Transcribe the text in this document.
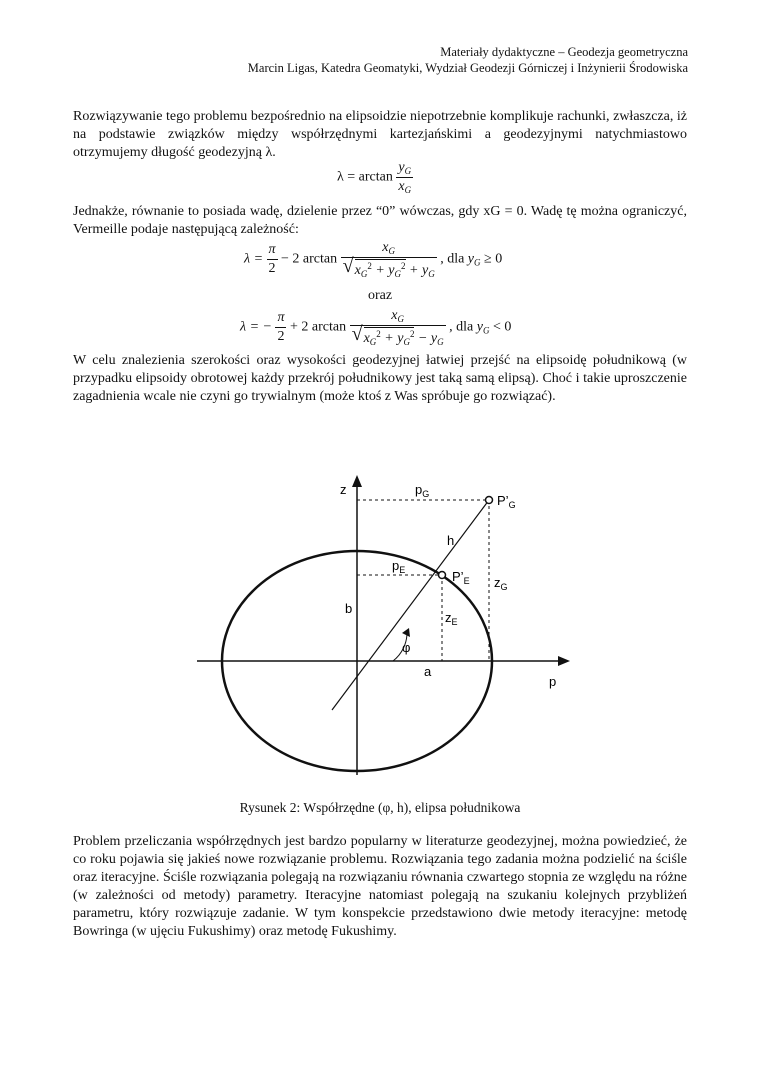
Materiały dydaktyczne – Geodezja geometryczna
Marcin Ligas, Katedra Geomatyki, Wydział Geodezji Górniczej i Inżynierii Środowiska

Rozwiązywanie tego problemu bezpośrednio na elipsoidzie niepotrzebnie komplikuje rachunki, zwłaszcza, iż na podstawie związków między współrzędnymi kartezjańskimi a geodezyjnymi natychmiastowo otrzymujemy długość geodezyjną λ.

$\lambda = \arctan \frac{y_G}{x_G}$

Jednakże, równanie to posiada wadę, dzielenie przez “0” wówczas, gdy xG = 0. Wadę tę można ograniczyć, Vermeille podaje następującą zależność:

$\lambda = \frac{\pi}{2} - 2$ $\arctan \frac{x_G}{√ x_G^2 + y_G^2 + y_G}$ , dla $y_G \ge 0$
oraz
λ = − $\frac{\pi}{2} + 2$ $\arctan \frac{x_G}{√ x_G^2 + y_G^2 - y_G}$ , dla $y_G < 0$

W celu znalezienia szerokości oraz wysokości geodezyjnej łatwiej przejść na elipsoidę południkową (w przypadku elipsoidy obrotowej każdy przekrój południkowy jest taką samą elipsą). Choć i takie uproszczenie zagadnienia wcale nie czyni go trywialnym (może ktoś z Was spróbuje go rozwiązać).

z
p
$p_G$	$P’_G$
h
$p_E$	$P’_E$ $z_G$
b
$z_E$
φ
a
Rysunek 2: Współrzędne (φ, h), elipsa południkowa

Problem przeliczania współrzędnych jest bardzo popularny w literaturze geodezyjnej, można powiedzieć, że co roku pojawia się jakieś nowe rozwiązanie problemu. Rozwiązania tego zadania można podzielić na ściśle oraz iteracyjne. Ściśle rozwiązania polegają na rozwiązaniu równania czwartego stopnia ze względu na różne (w zależności od metody) parametry. Iteracyjne natomiast polegają na szukaniu kolejnych przybliżeń parametru, który rozwiązuje zadanie. W tym konspekcie przedstawiono dwie metody iteracyjne: metodę Bowringa (w ujęciu Fukushimy) oraz metodę Fukushimy.
